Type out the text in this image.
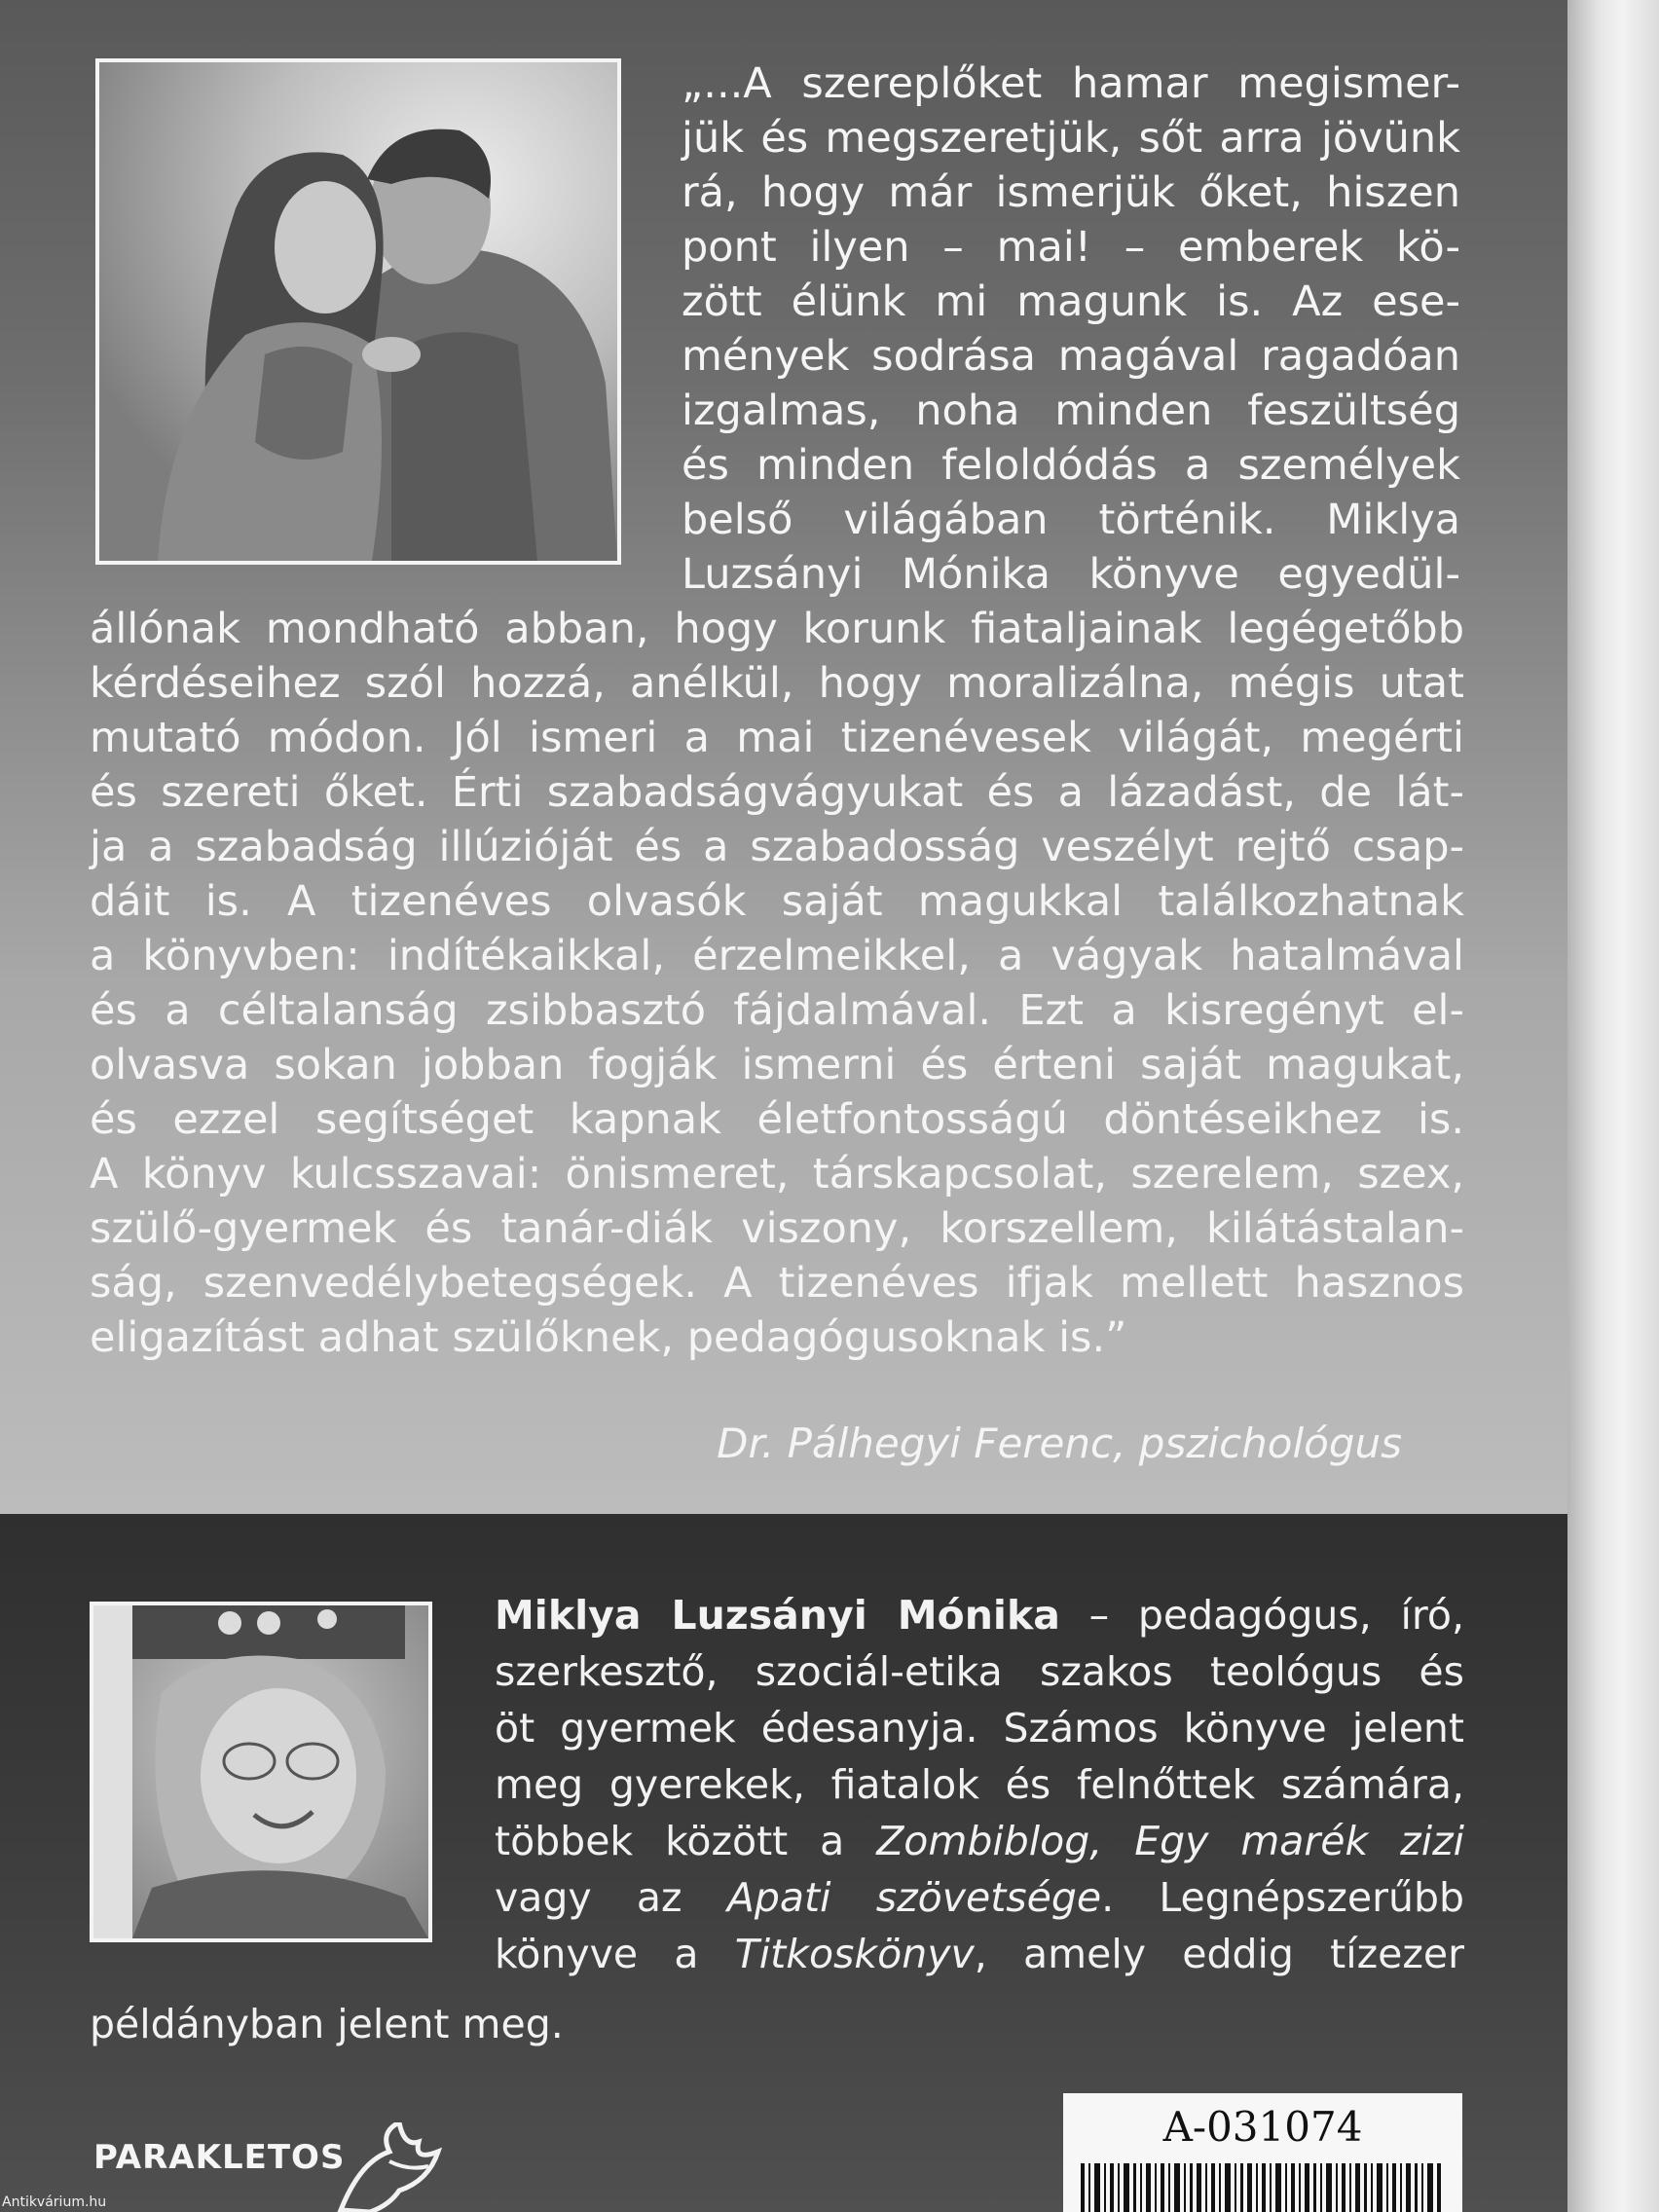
„...A szereplőket hamar megismer-
jük és megszeretjük, sőt arra jövünk
rá, hogy már ismerjük őket, hiszen
pont ilyen – mai! – emberek kö-
zött élünk mi magunk is. Az ese-
mények sodrása magával ragadóan
izgalmas, noha minden feszültség
és minden feloldódás a személyek
belső világában történik. Miklya
Luzsányi Mónika könyve egyedül-
állónak mondható abban, hogy korunk fiataljainak legégetőbb
kérdéseihez szól hozzá, anélkül, hogy moralizálna, mégis utat
mutató módon. Jól ismeri a mai tizenévesek világát, megérti
és szereti őket. Érti szabadságvágyukat és a lázadást, de lát-
ja a szabadság illúzióját és a szabadosság veszélyt rejtő csap-
dáit is. A tizenéves olvasók saját magukkal találkozhatnak
a könyvben: indítékaikkal, érzelmeikkel, a vágyak hatalmával
és a céltalanság zsibbasztó fájdalmával. Ezt a kisregényt el-
olvasva sokan jobban fogják ismerni és érteni saját magukat,
és ezzel segítséget kapnak életfontosságú döntéseikhez is.
A könyv kulcsszavai: önismeret, társkapcsolat, szerelem, szex,
szülő-gyermek és tanár-diák viszony, korszellem, kilátástalan-
ság, szenvedélybetegségek. A tizenéves ifjak mellett hasznos
eligazítást adhat szülőknek, pedagógusoknak is.”
Dr. Pálhegyi Ferenc, pszichológus
Miklya Luzsányi Mónika – pedagógus, író,
szerkesztő, szociál-etika szakos teológus és
öt gyermek édesanyja. Számos könyve jelent
meg gyerekek, fiatalok és felnőttek számára,
többek között a Zombiblog, Egy marék zizi
vagy az Apati szövetsége. Legnépszerűbb
könyve a Titkoskönyv, amely eddig tízezer
példányban jelent meg.
PARAKLETOS
A-031074
Antikvárium.hu
